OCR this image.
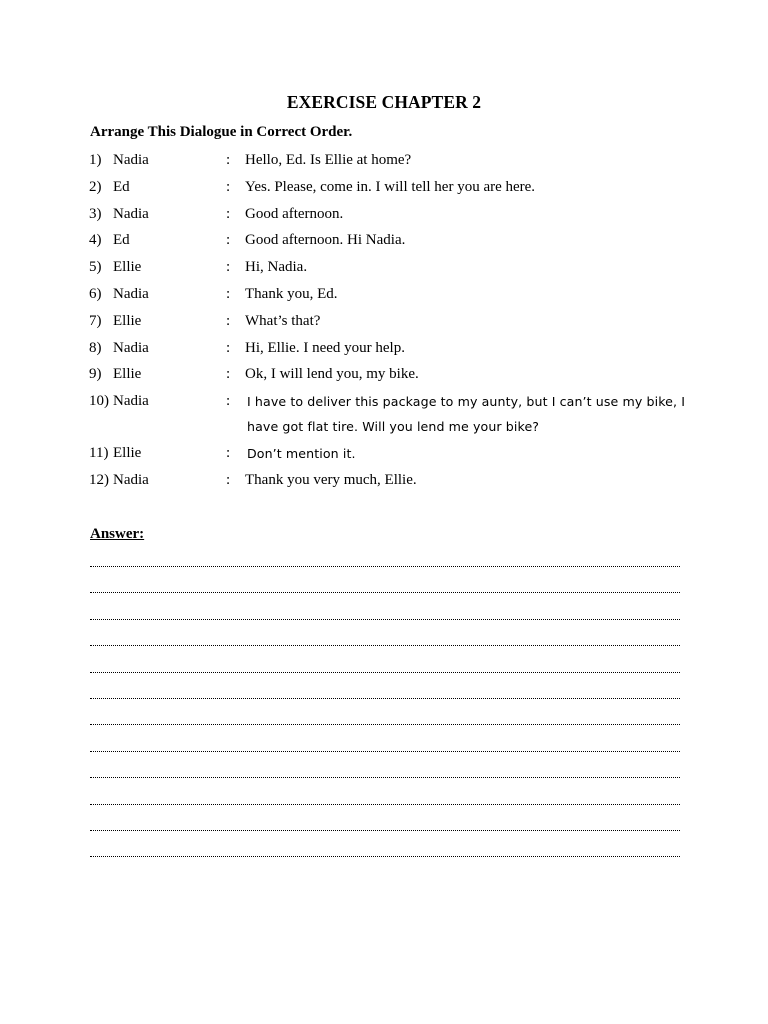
EXERCISE CHAPTER 2
Arrange This Dialogue in Correct Order.
1) Nadia	: Hello, Ed. Is Ellie at home?
2) Ed	: Yes. Please, come in. I will tell her you are here.
3) Nadia	: Good afternoon.
4) Ed	: Good afternoon. Hi Nadia.
5) Ellie	: Hi, Nadia.
6) Nadia	: Thank you, Ed.
7) Ellie	: What’s that?
8) Nadia	: Hi, Ellie. I need your help.
9) Ellie	: Ok, I will lend you, my bike.
10) Nadia	: I have to deliver this package to my aunty, but I can’t use my bike, I have got flat tire. Will you lend me your bike?
11) Ellie	: Don’t mention it.
12) Nadia	: Thank you very much, Ellie.
Answer:
